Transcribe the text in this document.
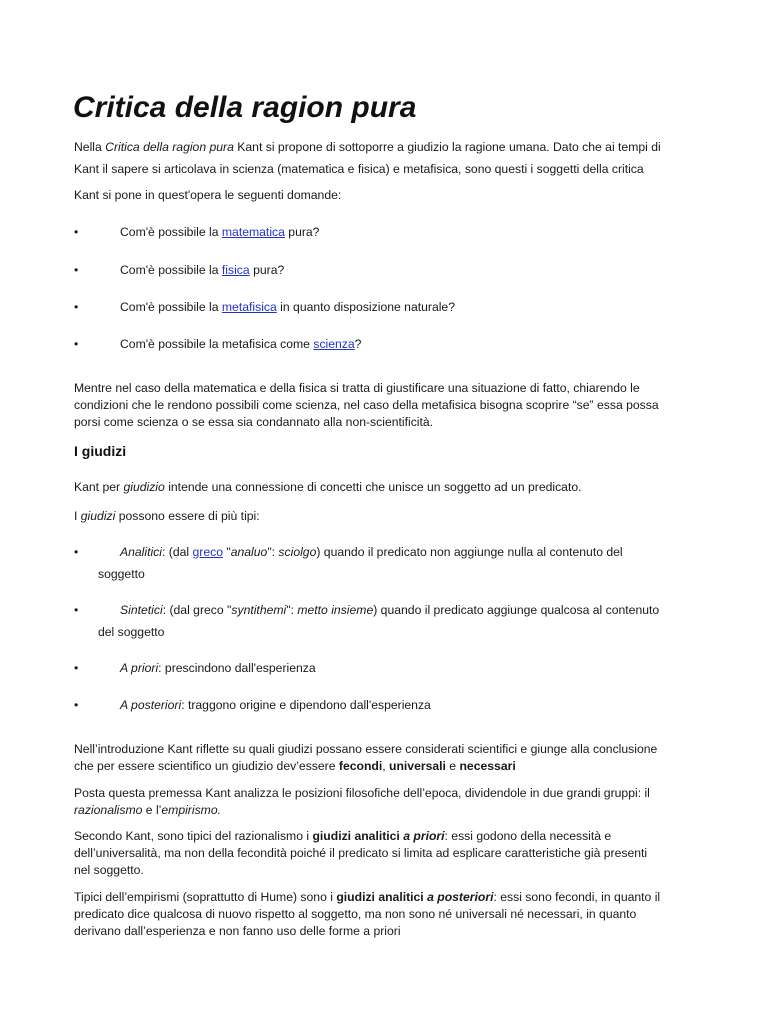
Critica della ragion pura
Nella Critica della ragion pura Kant si propone di sottoporre a giudizio la ragione umana. Dato che ai tempi di
Kant il sapere si articolava in scienza (matematica e fisica) e metafisica, sono questi i soggetti della critica

Kant si pone in quest'opera le seguenti domande:

•	Com'è possibile la matematica pura?
•	Com'è possibile la fisica pura?
•	Com'è possibile la metafisica in quanto disposizione naturale?
•	Com'è possibile la metafisica come scienza?
Mentre nel caso della matematica e della fisica si tratta di giustificare una situazione di fatto, chiarendo le
condizioni che le rendono possibili come scienza, nel caso della metafisica bisogna scoprire “se” essa possa
porsi come scienza o se essa sia condannato alla non-scientificità.
I giudizi

Kant per giudizio intende una connessione di concetti che unisce un soggetto ad un predicato.

I giudizi possono essere di più tipi:

•	Analitici: (dal greco "analuo": sciolgo) quando il predicato non aggiunge nulla al contenuto del
soggetto
•	Sintetici: (dal greco "syntithemi": metto insieme) quando il predicato aggiunge qualcosa al contenuto
del soggetto
•	A priori: prescindono dall'esperienza
•	A posteriori: traggono origine e dipendono dall'esperienza
Nell’introduzione Kant riflette su quali giudizi possano essere considerati scientifici e giunge alla conclusione
che per essere scientifico un giudizio dev’essere fecondi, universali e necessari
Posta questa premessa Kant analizza le posizioni filosofiche dell’epoca, dividendole in due grandi gruppi: il
razionalismo e l’empirismo.
Secondo Kant, sono tipici del razionalismo i giudizi analitici a priori: essi godono della necessità e
dell’universalità, ma non della fecondità poiché il predicato si limita ad esplicare caratteristiche già presenti
nel soggetto.
Tipici dell’empirismi (soprattutto di Hume) sono i giudizi analitici a posteriori: essi sono fecondi, in quanto il
predicato dice qualcosa di nuovo rispetto al soggetto, ma non sono né universali né necessari, in quanto
derivano dall’esperienza e non fanno uso delle forme a priori
